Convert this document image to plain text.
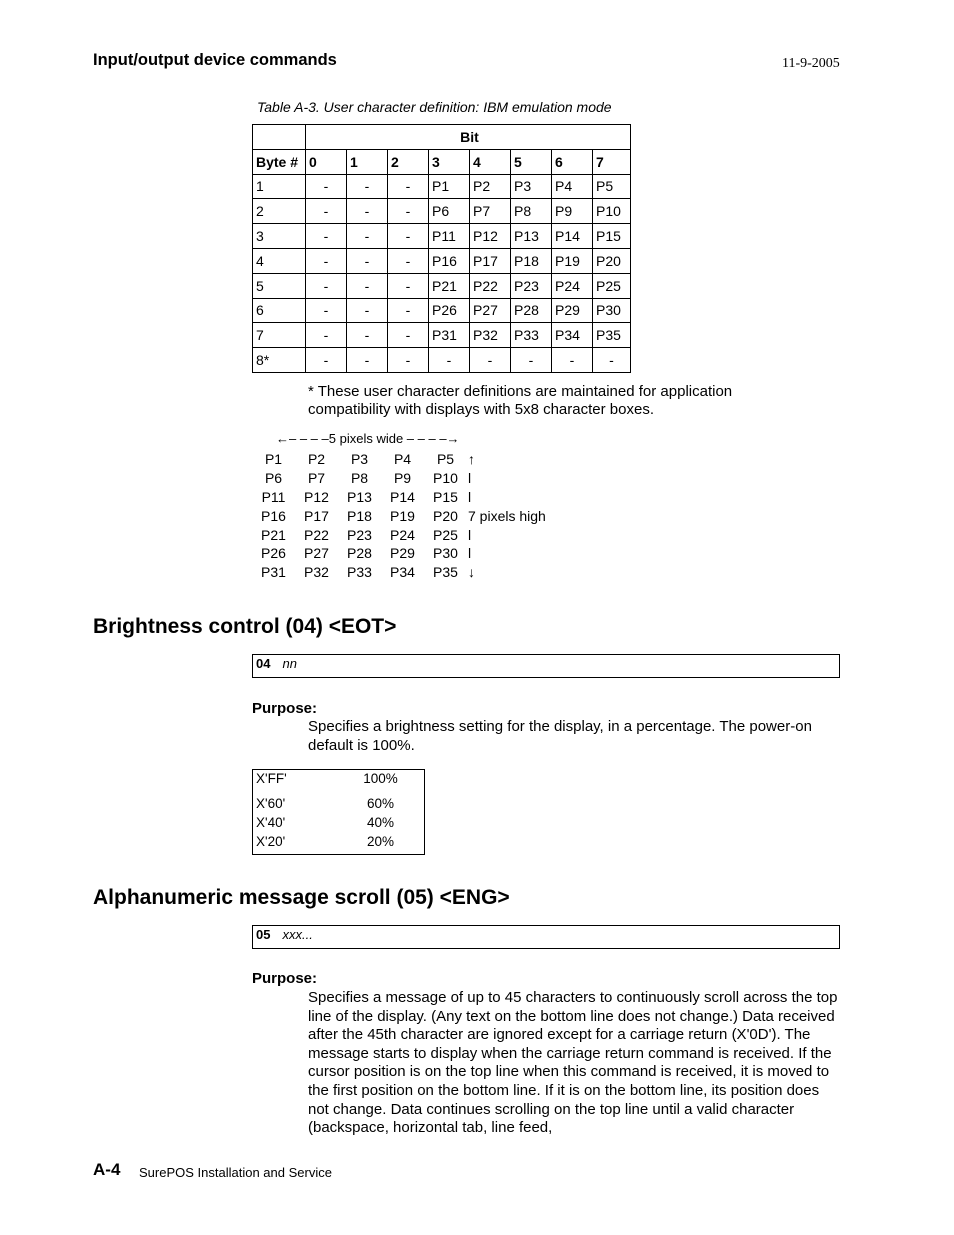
Input/output device commands	11-9-2005
Table A-3. User character definition: IBM emulation mode
	Bit							
Byte #	0	1	2	3	4	5	6	7
1	-	-	-	P1	P2	P3	P4	P5
2	-	-	-	P6	P7	P8	P9	P10
3	-	-	-	P11	P12	P13	P14	P15
4	-	-	-	P16	P17	P18	P19	P20
5	-	-	-	P21	P22	P23	P24	P25
6	-	-	-	P26	P27	P28	P29	P30
7	-	-	-	P31	P32	P33	P34	P35
8*	-	-	-	-	-	-	-	-
* These user character definitions are maintained for application compatibility with displays with 5x8 character boxes.
←– – – –5 pixels wide – – – –→
P1	P2	P3	P4	P5 ↑
P6	P7	P8	P9	P10 l
P11	P12	P13	P14	P15 l
P16	P17	P18	P19	P20 7 pixels high
P21	P22	P23	P24	P25 l
P26	P27	P28	P29	P30 l
P31	P32	P33	P34	P35 ↓
Brightness control (04) <EOT>
04 nn
Purpose:
Specifies a brightness setting for the display, in a percentage. The power-on default is 100%.
X'FF'	100%
X'60'	60%
X'40'	40%
X'20'	20%
Alphanumeric message scroll (05) <ENG>
05 xxx...
Purpose:
Specifies a message of up to 45 characters to continuously scroll across the top line of the display. (Any text on the bottom line does not change.) Data received after the 45th character are ignored except for a carriage return (X'0D'). The message starts to display when the carriage return command is received. If the cursor position is on the top line when this command is received, it is moved to the first position on the bottom line. If it is on the bottom line, its position does not change. Data continues scrolling on the top line until a valid character (backspace, horizontal tab, line feed,
A-4 SurePOS Installation and Service
